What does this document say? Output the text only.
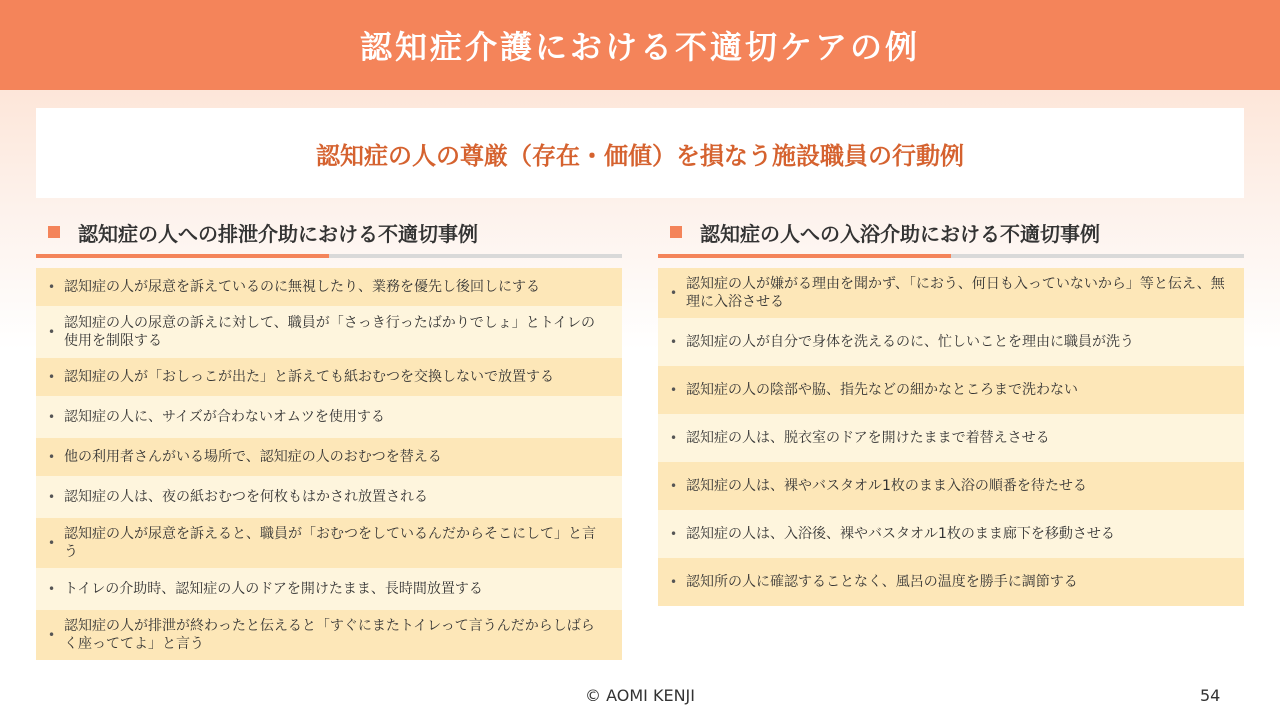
認知症介護における不適切ケアの例
認知症の人の尊厳（存在・価値）を損なう施設職員の行動例
認知症の人への排泄介助における不適切事例
• 認知症の人が尿意を訴えているのに無視したり、業務を優先し後回しにする
•
認知症の人の尿意の訴えに対して、職員が「さっき行ったばかりでしょ」とトイレの使用を制限する
• 認知症の人が「おしっこが出た」と訴えても紙おむつを交換しないで放置する
• 認知症の人に、サイズが合わないオムツを使用する
• 他の利用者さんがいる場所で、認知症の人のおむつを替える
• 認知症の人は、夜の紙おむつを何枚もはかされ放置される
•
認知症の人が尿意を訴えると、職員が「おむつをしているんだからそこにして」と言う
• トイレの介助時、認知症の人のドアを開けたまま、長時間放置する
•
認知症の人が排泄が終わったと伝えると「すぐにまたトイレって言うんだからしばらく座っててよ」と言う
認知症の人への入浴介助における不適切事例
•
認知症の人が嫌がる理由を聞かず、「におう、何日も入っていないから」等と伝え、無理に入浴させる
• 認知症の人が自分で身体を洗えるのに、忙しいことを理由に職員が洗う
• 認知症の人の陰部や脇、指先などの細かなところまで洗わない
• 認知症の人は、脱衣室のドアを開けたままで着替えさせる
• 認知症の人は、裸やバスタオル1枚のまま入浴の順番を待たせる
• 認知症の人は、入浴後、裸やバスタオル1枚のまま廊下を移動させる
• 認知所の人に確認することなく、風呂の温度を勝手に調節する
© AOMI KENJI	54
